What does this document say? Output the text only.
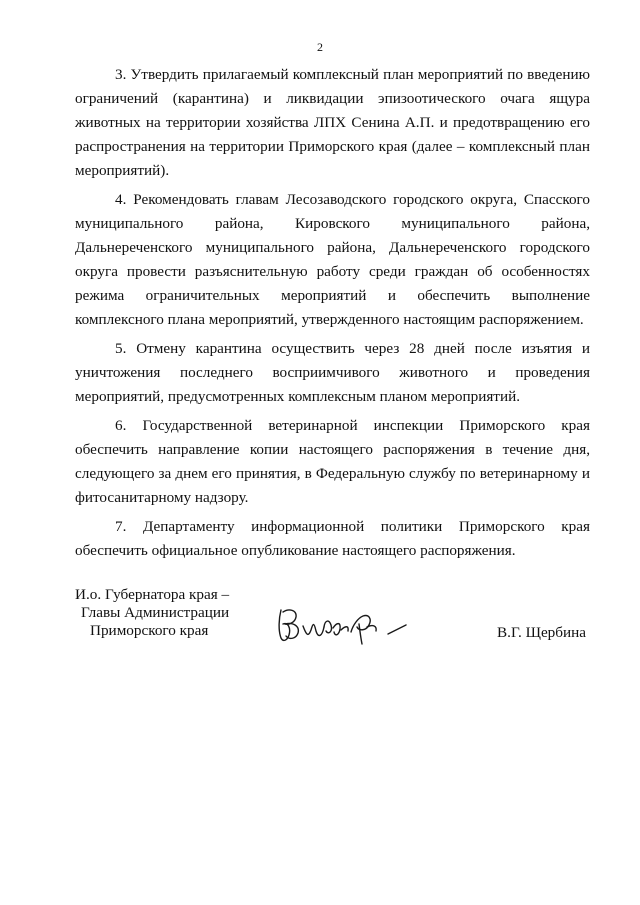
2

3. Утвердить прилагаемый комплексный план мероприятий по введению ограничений (карантина) и ликвидации эпизоотического очага ящура животных на территории хозяйства ЛПХ Сенина А.П. и предотвращению его распространения на территории Приморского края (далее – комплексный план мероприятий).

4. Рекомендовать главам Лесозаводского городского округа, Спасского муниципального района, Кировского муниципального района, Дальнереченского муниципального района, Дальнереченского городского округа провести разъяснительную работу среди граждан об особенностях режима ограничительных мероприятий и обеспечить выполнение комплексного плана мероприятий, утвержденного настоящим распоряжением.

5. Отмену карантина осуществить через 28 дней после изъятия и уничтожения последнего восприимчивого животного и проведения мероприятий, предусмотренных комплексным планом мероприятий.

6. Государственной ветеринарной инспекции Приморского края обеспечить направление копии настоящего распоряжения в течение дня, следующего за днем его принятия, в Федеральную службу по ветеринарному и фитосанитарному надзору.

7. Департаменту информационной политики Приморского края обеспечить официальное опубликование настоящего распоряжения.

И.о. Губернатора края –
Главы Администрации
Приморского края	В.Г. Щербина
